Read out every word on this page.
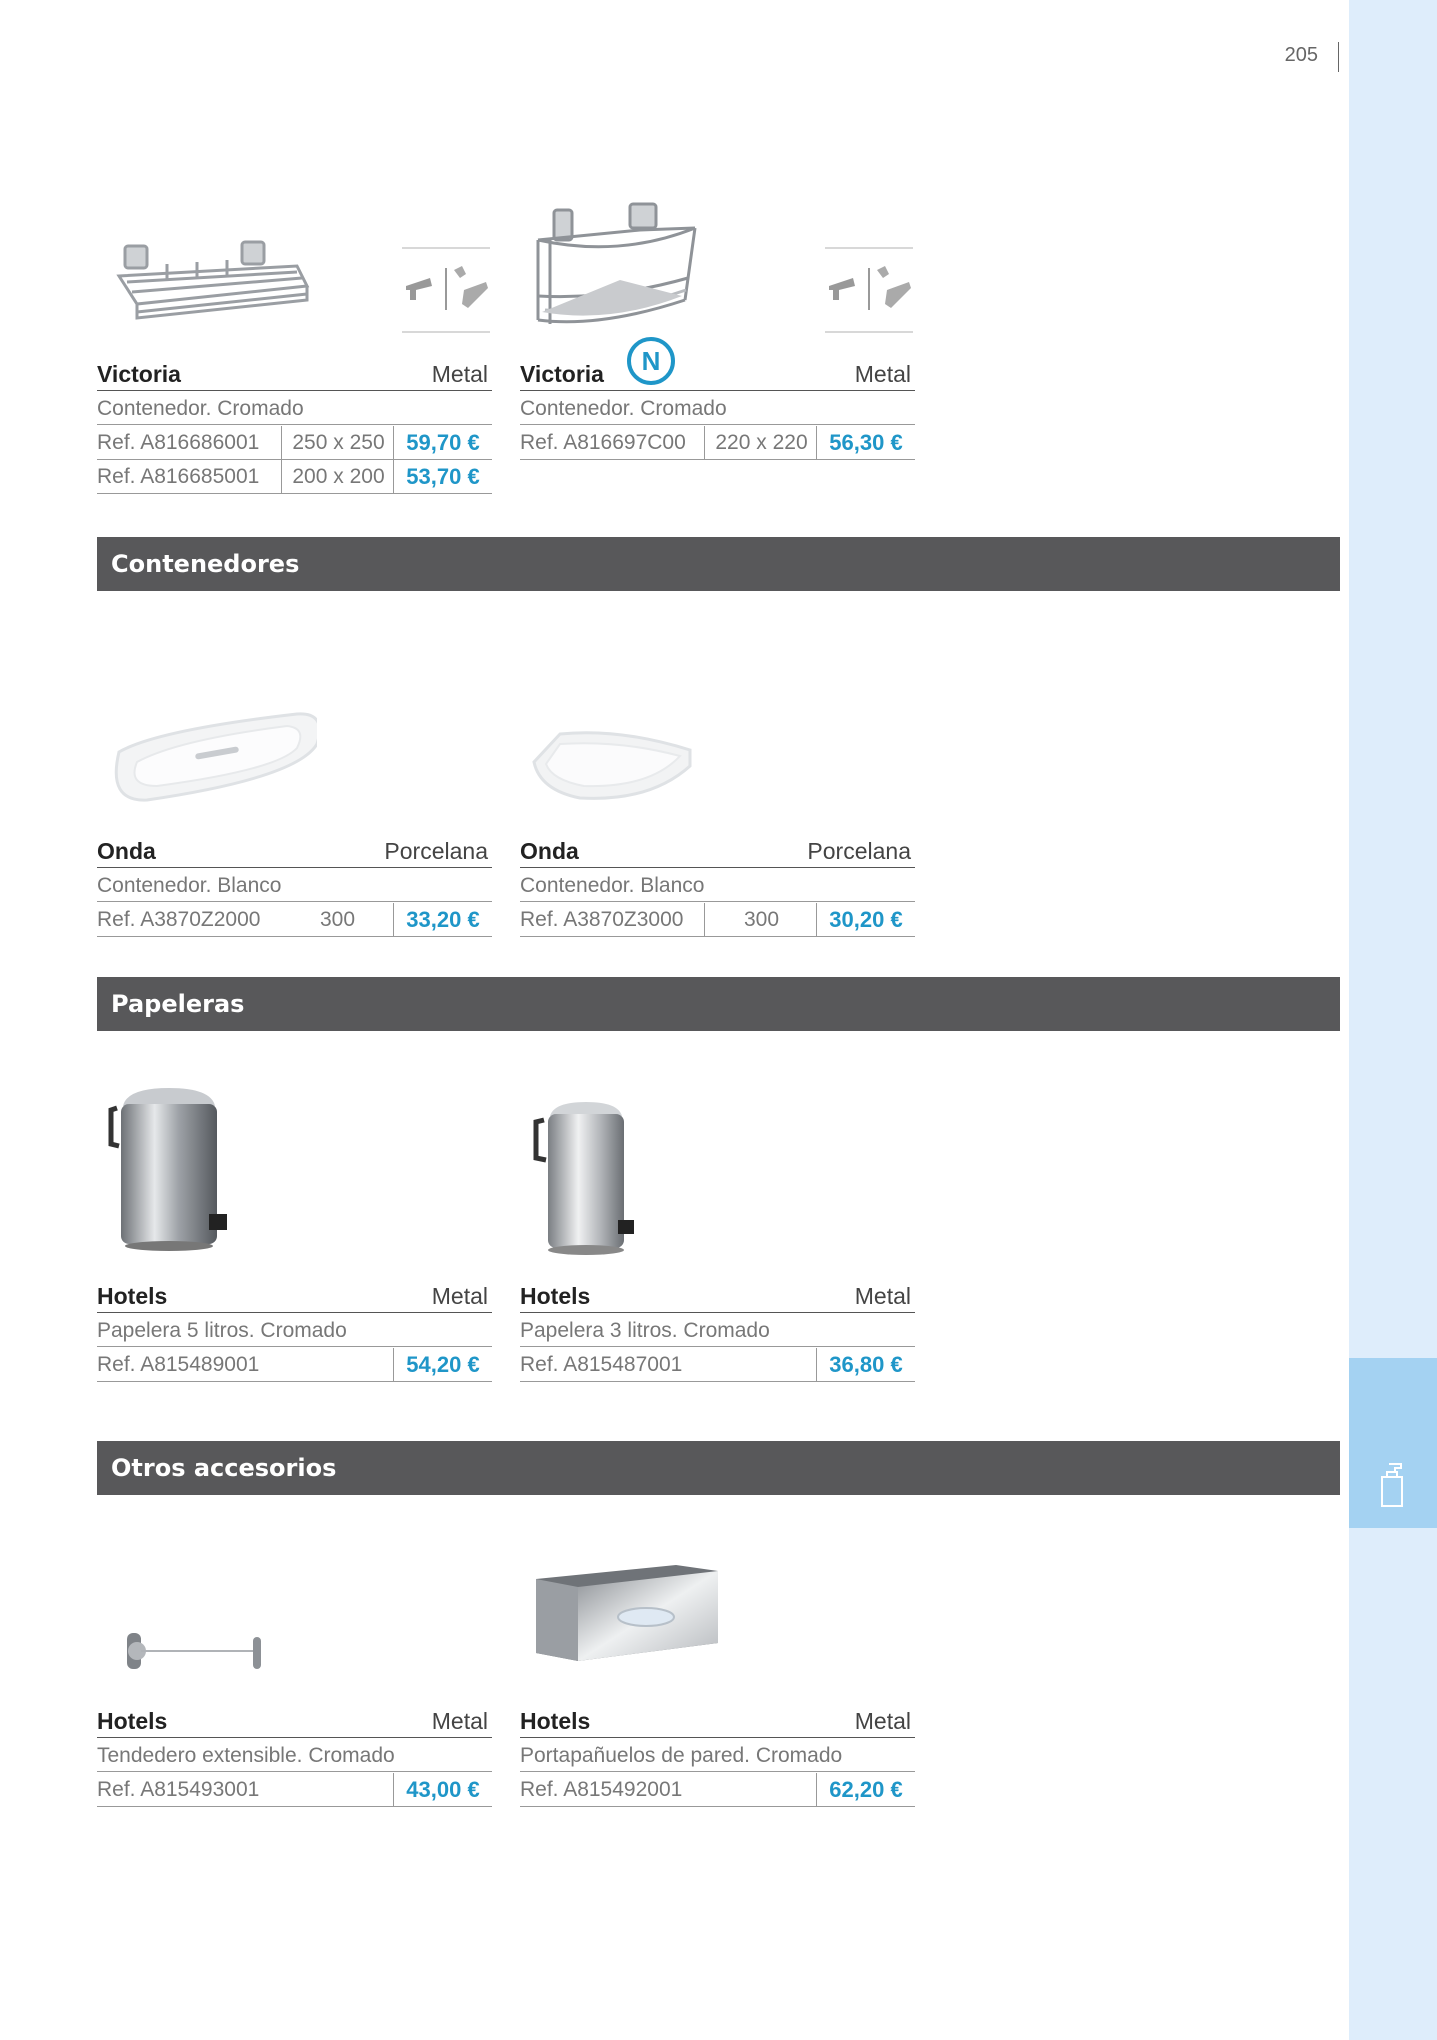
205
Victoria	Metal
Contenedor. Cromado
Ref. A816686001	250 x 250 59,70 €
Ref. A816685001	200 x 200 53,70 €
Victoria N	Metal
Contenedor. Cromado
Ref. A816697C00	220 x 220 56,30 €
Contenedores
Onda	Porcelana
Contenedor. Blanco
Ref. A3870Z2000	300	33,20 €
Onda	Porcelana
Contenedor. Blanco
Ref. A3870Z3000	300	30,20 €
Papeleras
Hotels	Metal
Papelera 5 litros. Cromado
Ref. A815489001	54,20 €
Hotels	Metal
Papelera 3 litros. Cromado
Ref. A815487001	36,80 €
Otros accesorios
Hotels	Metal
Tendedero extensible. Cromado
Ref. A815493001	43,00 €
Hotels	Metal
Portapañuelos de pared. Cromado
Ref. A815492001	62,20 €
